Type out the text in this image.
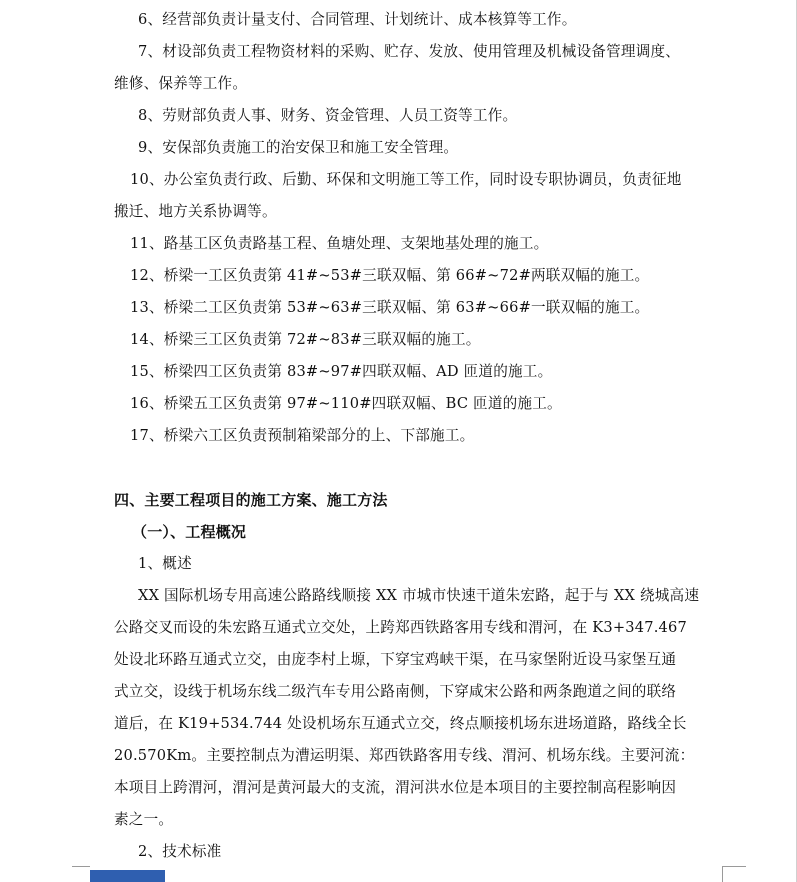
6、经营部负责计量支付、合同管理、计划统计、成本核算等工作。
7、材设部负责工程物资材料的采购、贮存、发放、使用管理及机械设备管理调度、
维修、保养等工作。
8、劳财部负责人事、财务、资金管理、人员工资等工作。
9、安保部负责施工的治安保卫和施工安全管理。
10、办公室负责行政、后勤、环保和文明施工等工作，同时设专职协调员，负责征地
搬迁、地方关系协调等。
11、路基工区负责路基工程、鱼塘处理、支架地基处理的施工。
12、桥梁一工区负责第 41#~53#三联双幅、第 66#~72#两联双幅的施工。
13、桥梁二工区负责第 53#~63#三联双幅、第 63#~66#一联双幅的施工。
14、桥梁三工区负责第 72#~83#三联双幅的施工。
15、桥梁四工区负责第 83#~97#四联双幅、AD 匝道的施工。
16、桥梁五工区负责第 97#~110#四联双幅、BC 匝道的施工。
17、桥梁六工区负责预制箱梁部分的上、下部施工。
四、主要工程项目的施工方案、施工方法
（一）、工程概况
1、概述
XX 国际机场专用高速公路路线顺接 XX 市城市快速干道朱宏路，起于与 XX 绕城高速
公路交叉而设的朱宏路互通式立交处，上跨郑西铁路客用专线和渭河，在 K3+347.467
处设北环路互通式立交，由庞李村上塬，下穿宝鸡峡干渠，在马家堡附近设马家堡互通
式立交，设线于机场东线二级汽车专用公路南侧，下穿咸宋公路和两条跑道之间的联络
道后，在 K19+534.744 处设机场东互通式立交，终点顺接机场东进场道路，路线全长
20.570Km。主要控制点为漕运明渠、郑西铁路客用专线、渭河、机场东线。主要河流：
本项目上跨渭河，渭河是黄河最大的支流，渭河洪水位是本项目的主要控制高程影响因
素之一。
2、技术标准
